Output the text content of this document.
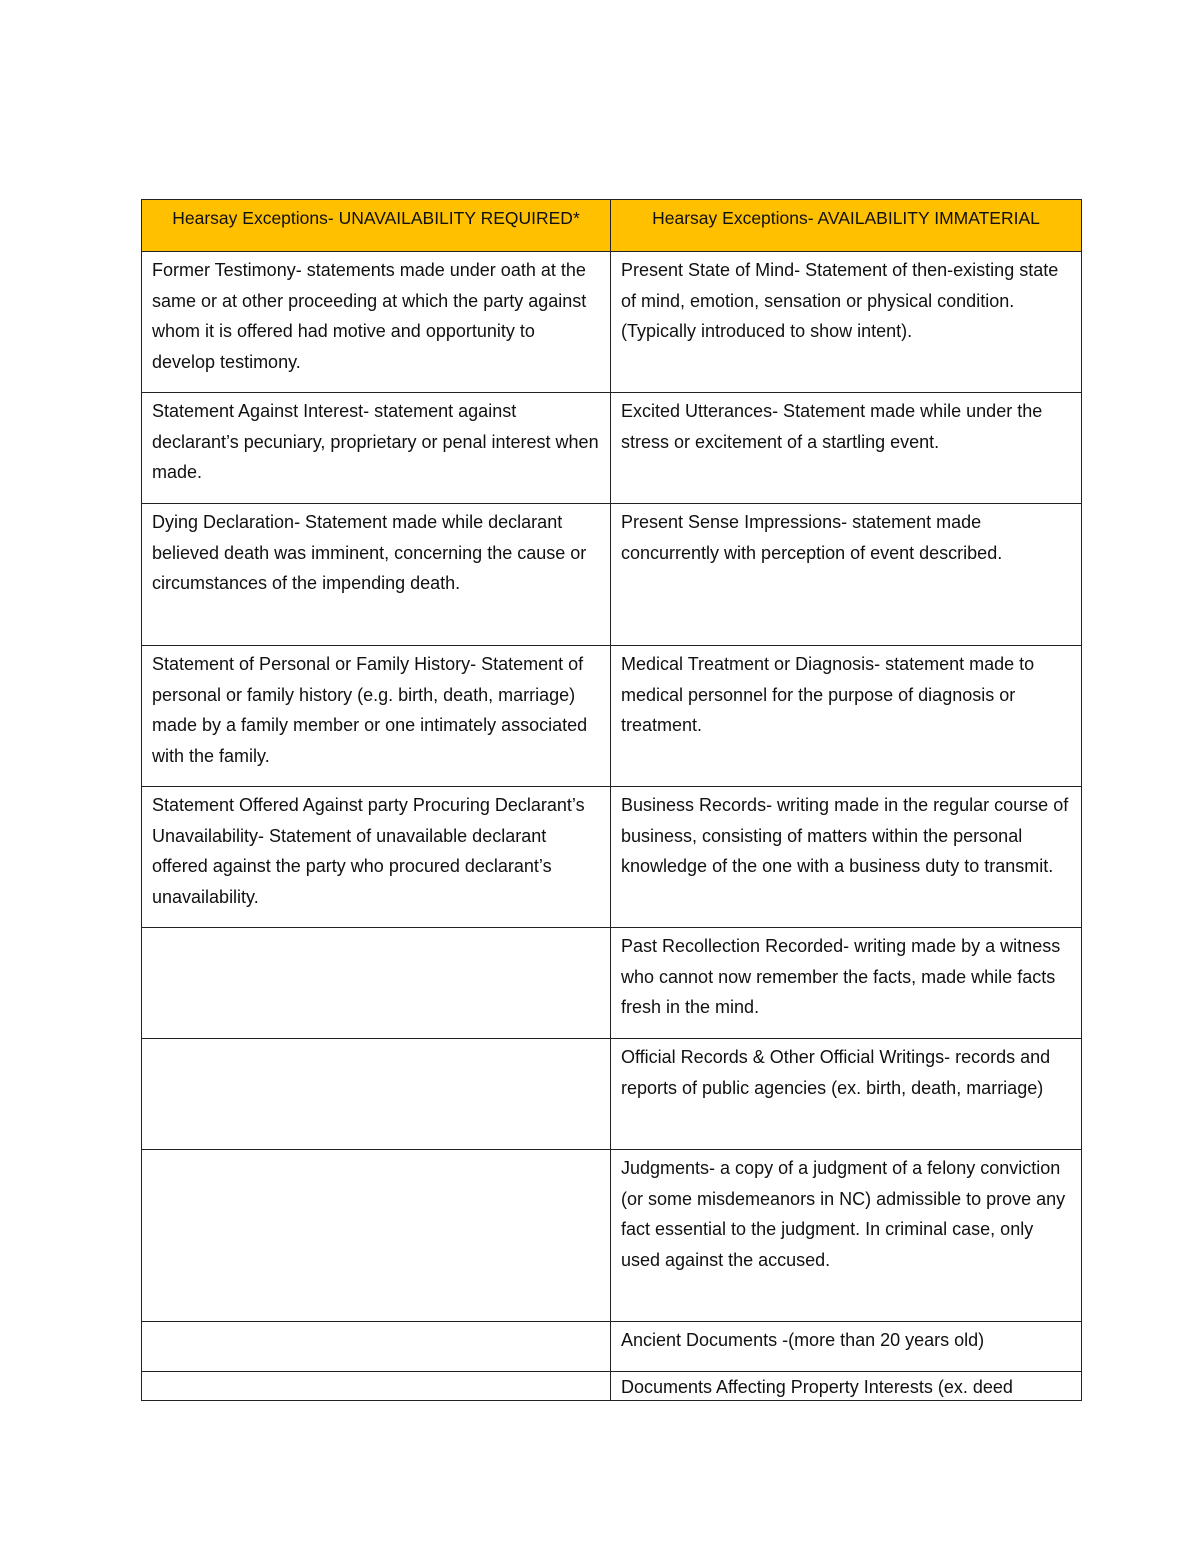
Hearsay Exceptions- UNAVAILABILITY REQUIRED*	Hearsay Exceptions- AVAILABILITY IMMATERIAL
Former Testimony- statements made under oath at the same or at other proceeding at which the party against whom it is offered had motive and opportunity to develop testimony.	Present State of Mind- Statement of then-existing state of mind, emotion, sensation or physical condition. (Typically introduced to show intent).
Statement Against Interest- statement against declarant’s pecuniary, proprietary or penal interest when made.	Excited Utterances- Statement made while under the stress or excitement of a startling event.
Dying Declaration- Statement made while declarant believed death was imminent, concerning the cause or circumstances of the impending death.	Present Sense Impressions- statement made concurrently with perception of event described.
Statement of Personal or Family History- Statement of personal or family history (e.g. birth, death, marriage) made by a family member or one intimately associated with the family.	Medical Treatment or Diagnosis- statement made to medical personnel for the purpose of diagnosis or treatment.
Statement Offered Against party Procuring Declarant’s Unavailability- Statement of unavailable declarant offered against the party who procured declarant’s unavailability.	Business Records- writing made in the regular course of business, consisting of matters within the personal knowledge of the one with a business duty to transmit.
	Past Recollection Recorded- writing made by a witness who cannot now remember the facts, made while facts fresh in the mind.
	Official Records & Other Official Writings- records and reports of public agencies (ex. birth, death, marriage)
	Judgments- a copy of a judgment of a felony conviction (or some misdemeanors in NC) admissible to prove any fact essential to the judgment. In criminal case, only used against the accused.
	Ancient Documents -(more than 20 years old)
	Documents Affecting Property Interests (ex. deed
